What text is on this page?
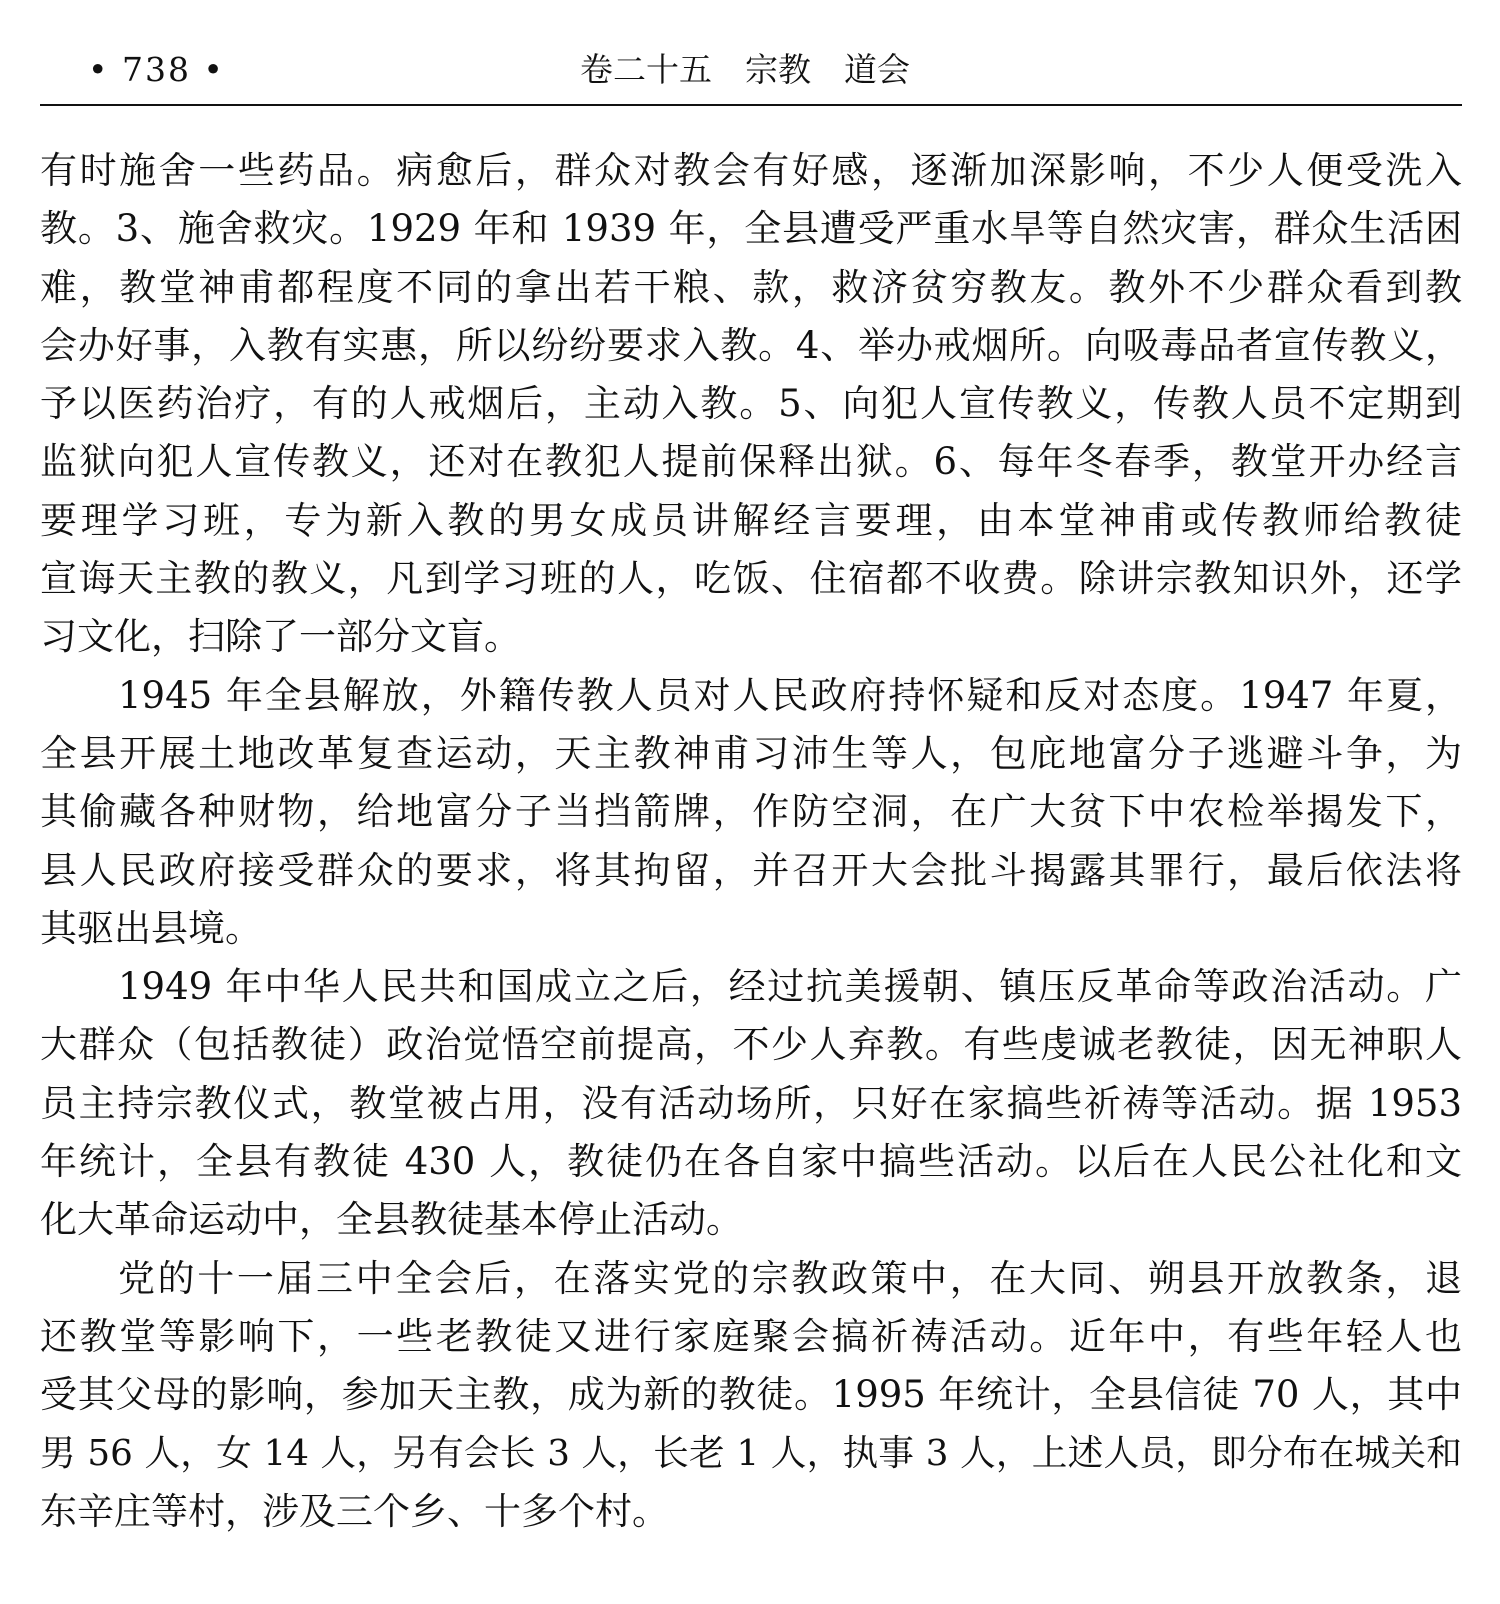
• 738 •	卷二十五　宗教　道会
有时施舍一些药品。病愈后，群众对教会有好感，逐渐加深影响，不少人便受洗入
教。3、施舍救灾。1929 年和 1939 年，全县遭受严重水旱等自然灾害，群众生活困
难，教堂神甫都程度不同的拿出若干粮、款，救济贫穷教友。教外不少群众看到教
会办好事，入教有实惠，所以纷纷要求入教。4、举办戒烟所。向吸毒品者宣传教义，
予以医药治疗，有的人戒烟后，主动入教。5、向犯人宣传教义，传教人员不定期到
监狱向犯人宣传教义，还对在教犯人提前保释出狱。6、每年冬春季，教堂开办经言
要理学习班，专为新入教的男女成员讲解经言要理，由本堂神甫或传教师给教徒
宣诲天主教的教义，凡到学习班的人，吃饭、住宿都不收费。除讲宗教知识外，还学
习文化，扫除了一部分文盲。
1945 年全县解放，外籍传教人员对人民政府持怀疑和反对态度。1947 年夏，
全县开展土地改革复查运动，天主教神甫习沛生等人，包庇地富分子逃避斗争，为
其偷藏各种财物，给地富分子当挡箭牌，作防空洞，在广大贫下中农检举揭发下，
县人民政府接受群众的要求，将其拘留，并召开大会批斗揭露其罪行，最后依法将
其驱出县境。
1949 年中华人民共和国成立之后，经过抗美援朝、镇压反革命等政治活动。广
大群众（包括教徒）政治觉悟空前提高，不少人弃教。有些虔诚老教徒，因无神职人
员主持宗教仪式，教堂被占用，没有活动场所，只好在家搞些祈祷等活动。据 1953
年统计，全县有教徒 430 人，教徒仍在各自家中搞些活动。以后在人民公社化和文
化大革命运动中，全县教徒基本停止活动。
党的十一届三中全会后，在落实党的宗教政策中，在大同、朔县开放教条，退
还教堂等影响下，一些老教徒又进行家庭聚会搞祈祷活动。近年中，有些年轻人也
受其父母的影响，参加天主教，成为新的教徒。1995 年统计，全县信徒 70 人，其中
男 56 人，女 14 人，另有会长 3 人，长老 1 人，执事 3 人，上述人员，即分布在城关和
东辛庄等村，涉及三个乡、十多个村。
